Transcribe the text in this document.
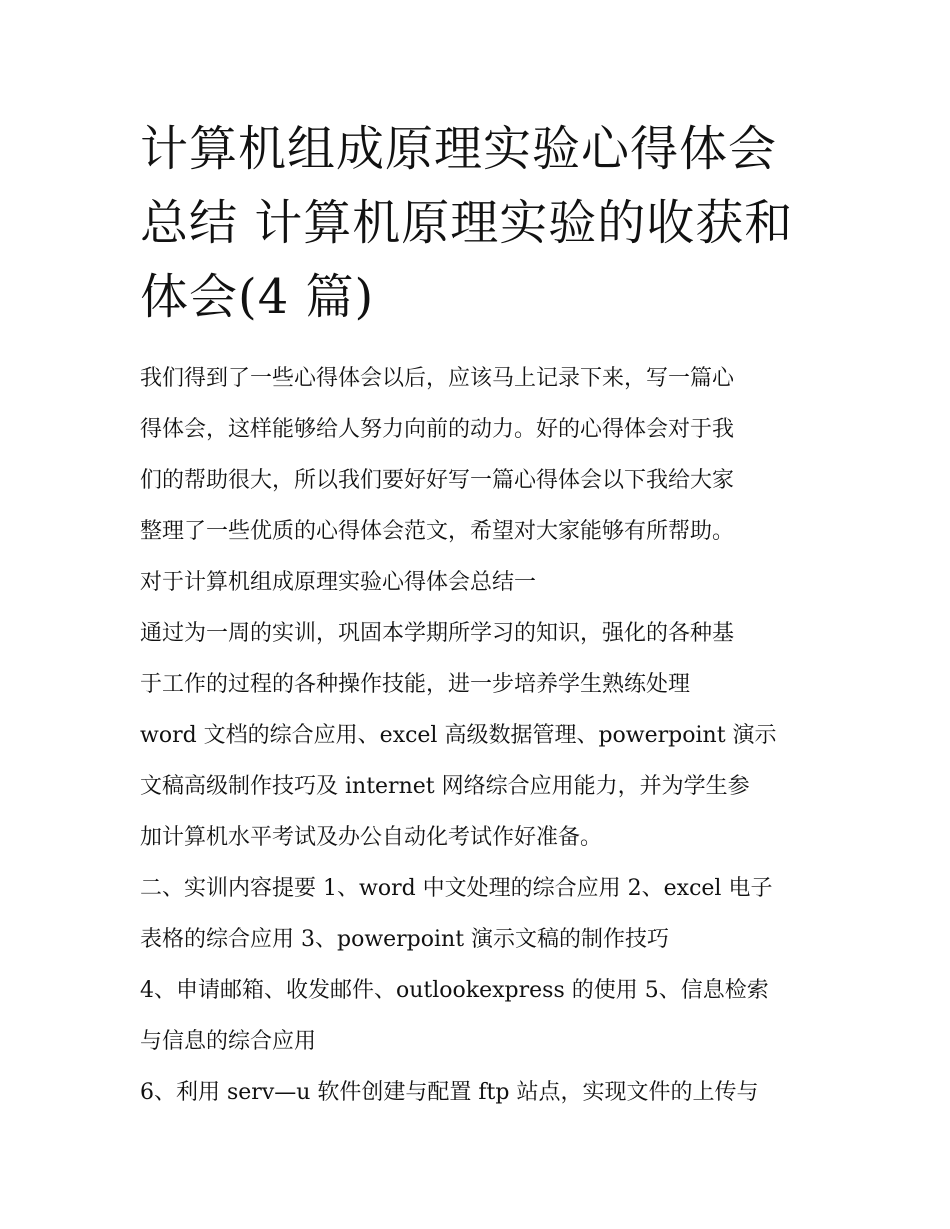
计算机组成原理实验心得体会
总结 计算机原理实验的收获和
体会(4 篇)

我们得到了一些心得体会以后，应该马上记录下来，写一篇心

得体会，这样能够给人努力向前的动力。好的心得体会对于我

们的帮助很大，所以我们要好好写一篇心得体会以下我给大家

整理了一些优质的心得体会范文，希望对大家能够有所帮助。

对于计算机组成原理实验心得体会总结一

通过为一周的实训，巩固本学期所学习的知识，强化的各种基

于工作的过程的各种操作技能，进一步培养学生熟练处理

word 文档的综合应用、excel 高级数据管理、powerpoint 演示

文稿高级制作技巧及 internet 网络综合应用能力，并为学生参

加计算机水平考试及办公自动化考试作好准备。

二、实训内容提要 1、word 中文处理的综合应用 2、excel 电子

表格的综合应用 3、powerpoint 演示文稿的制作技巧

4、申请邮箱、收发邮件、outlookexpress 的使用 5、信息检索

与信息的综合应用

6、利用 serv—u 软件创建与配置 ftp 站点，实现文件的上传与
